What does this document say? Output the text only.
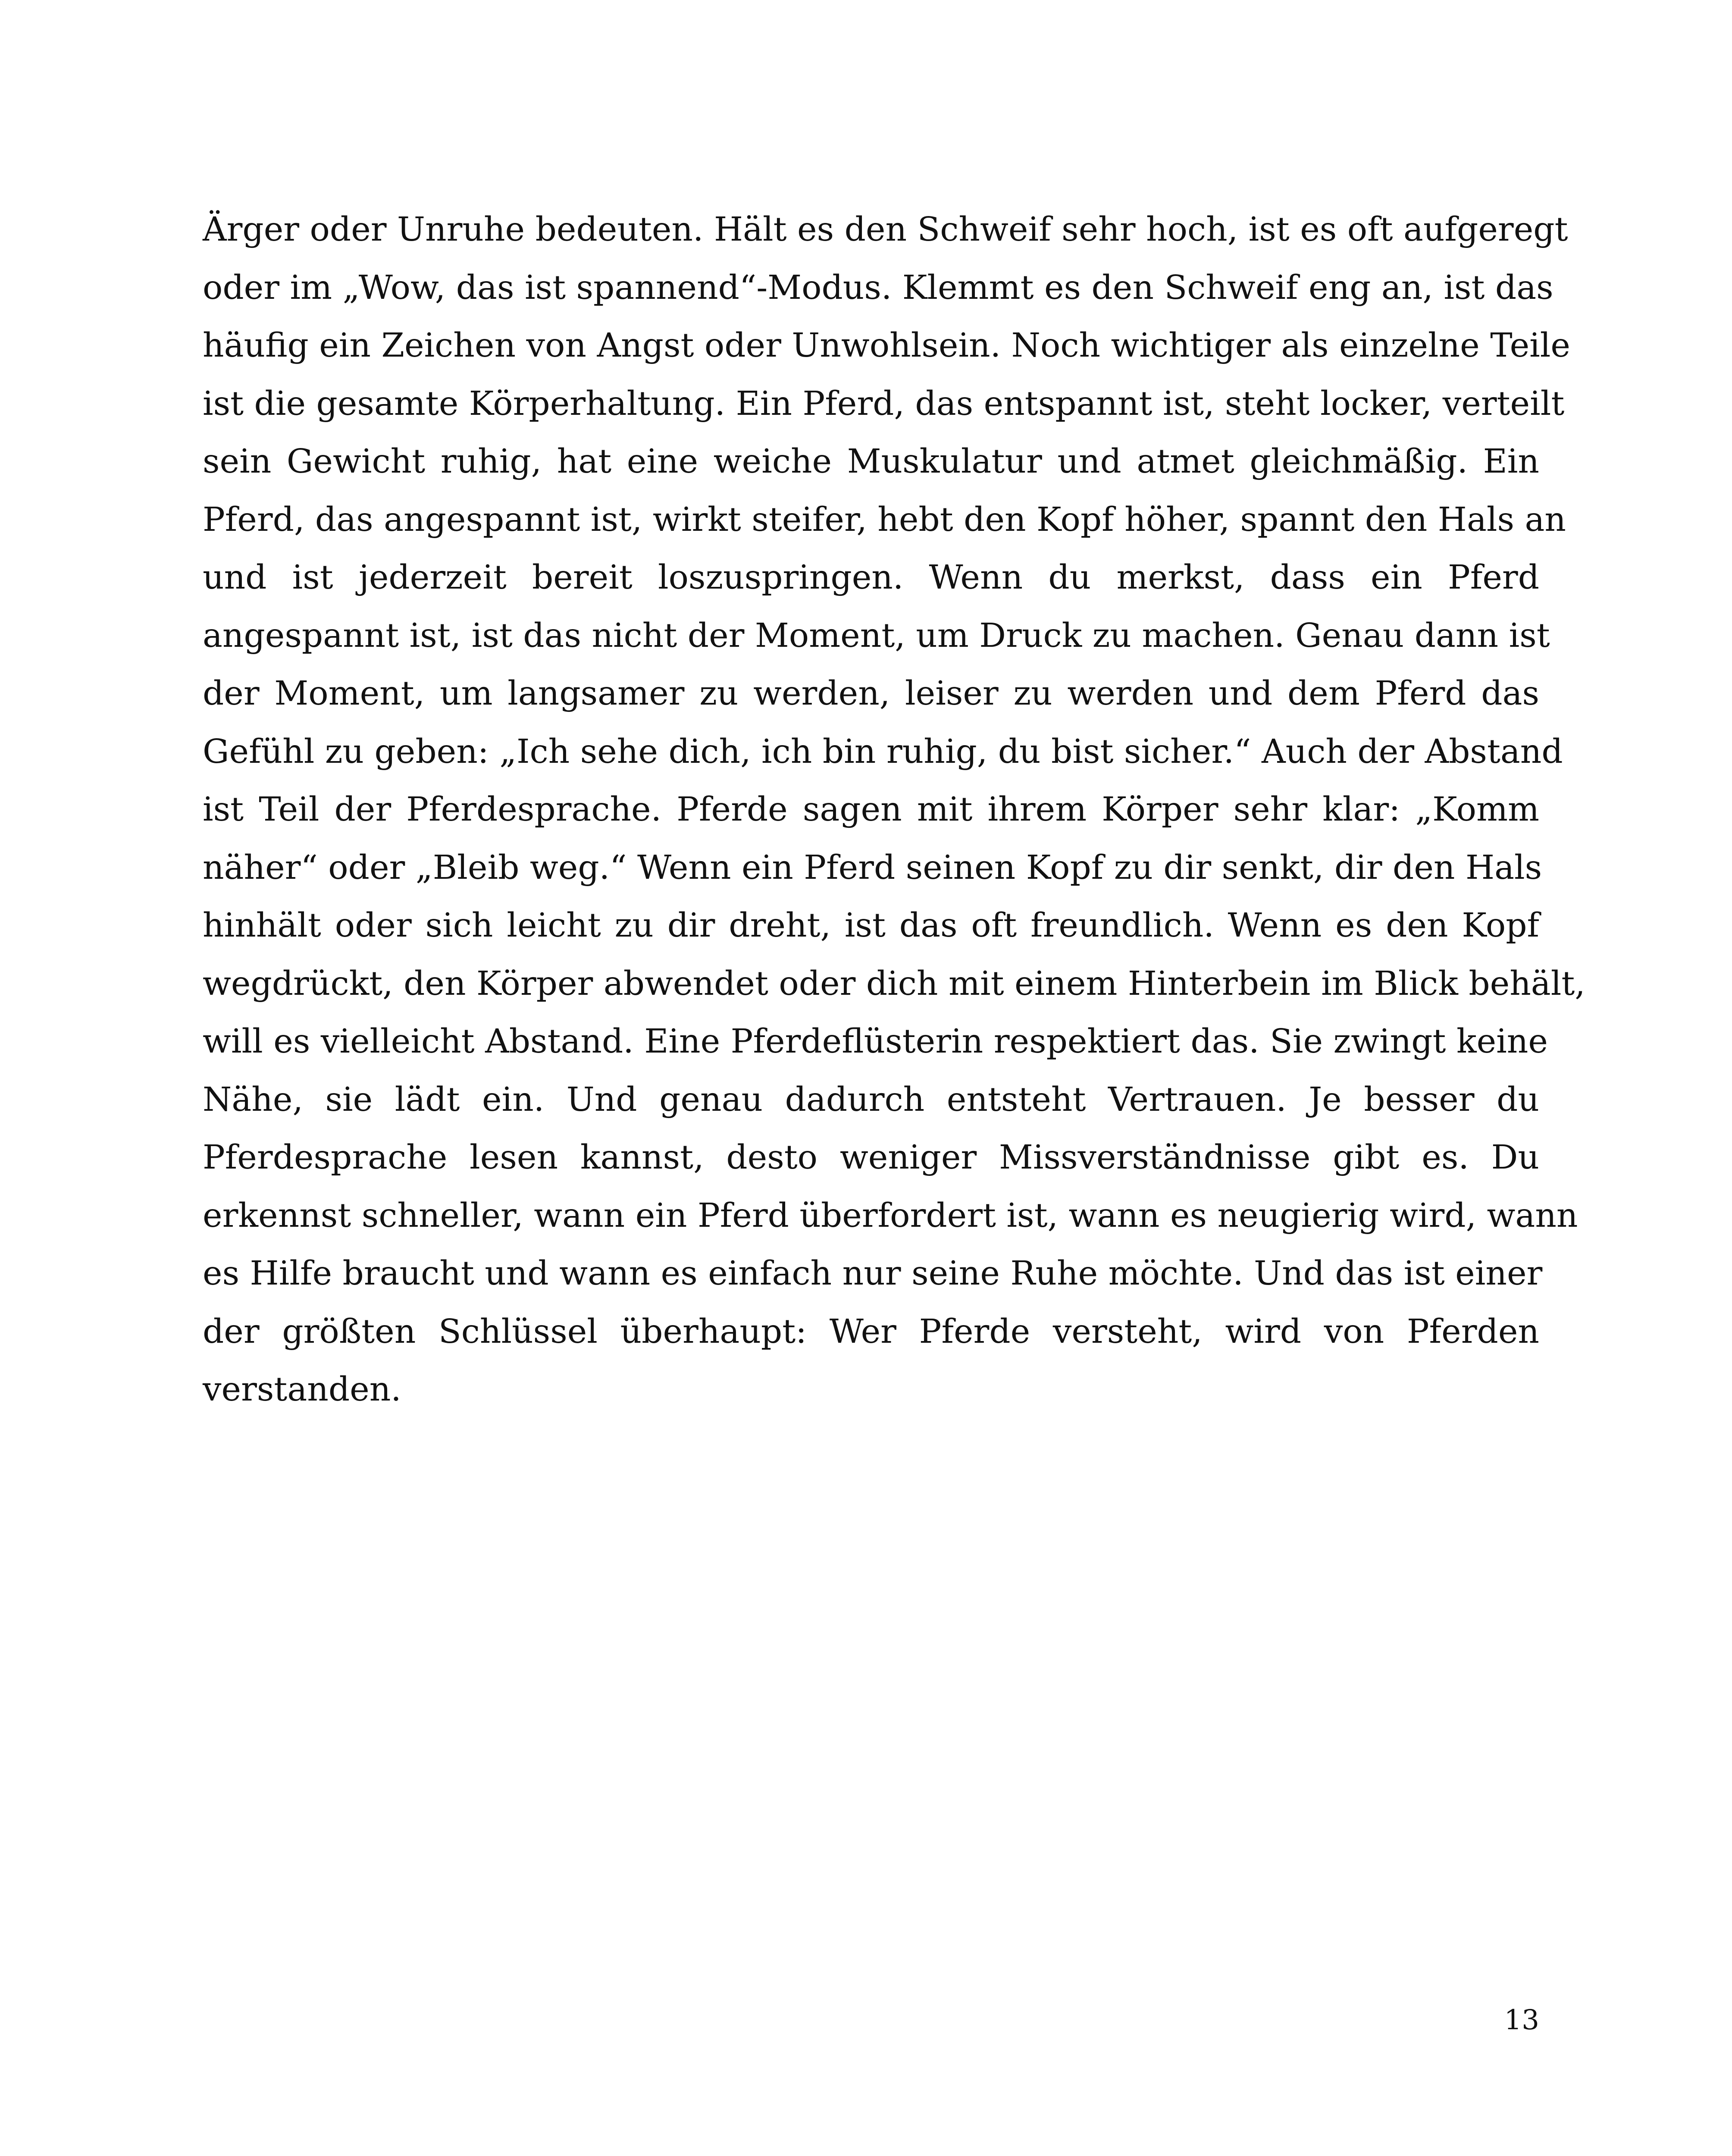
Ärger oder Unruhe bedeuten. Hält es den Schweif sehr hoch, ist es oft aufgeregt
oder im „Wow, das ist spannend“-Modus. Klemmt es den Schweif eng an, ist das
häufig ein Zeichen von Angst oder Unwohlsein. Noch wichtiger als einzelne Teile
ist die gesamte Körperhaltung. Ein Pferd, das entspannt ist, steht locker, verteilt
sein Gewicht ruhig, hat eine weiche Muskulatur und atmet gleichmäßig. Ein
Pferd, das angespannt ist, wirkt steifer, hebt den Kopf höher, spannt den Hals an
und ist jederzeit bereit loszuspringen. Wenn du merkst, dass ein Pferd
angespannt ist, ist das nicht der Moment, um Druck zu machen. Genau dann ist
der Moment, um langsamer zu werden, leiser zu werden und dem Pferd das
Gefühl zu geben: „Ich sehe dich, ich bin ruhig, du bist sicher.“ Auch der Abstand
ist Teil der Pferdesprache. Pferde sagen mit ihrem Körper sehr klar: „Komm
näher“ oder „Bleib weg.“ Wenn ein Pferd seinen Kopf zu dir senkt, dir den Hals
hinhält oder sich leicht zu dir dreht, ist das oft freundlich. Wenn es den Kopf
wegdrückt, den Körper abwendet oder dich mit einem Hinterbein im Blick behält,
will es vielleicht Abstand. Eine Pferdeflüsterin respektiert das. Sie zwingt keine
Nähe, sie lädt ein. Und genau dadurch entsteht Vertrauen. Je besser du
Pferdesprache lesen kannst, desto weniger Missverständnisse gibt es. Du
erkennst schneller, wann ein Pferd überfordert ist, wann es neugierig wird, wann
es Hilfe braucht und wann es einfach nur seine Ruhe möchte. Und das ist einer
der größten Schlüssel überhaupt: Wer Pferde versteht, wird von Pferden
verstanden.

13
